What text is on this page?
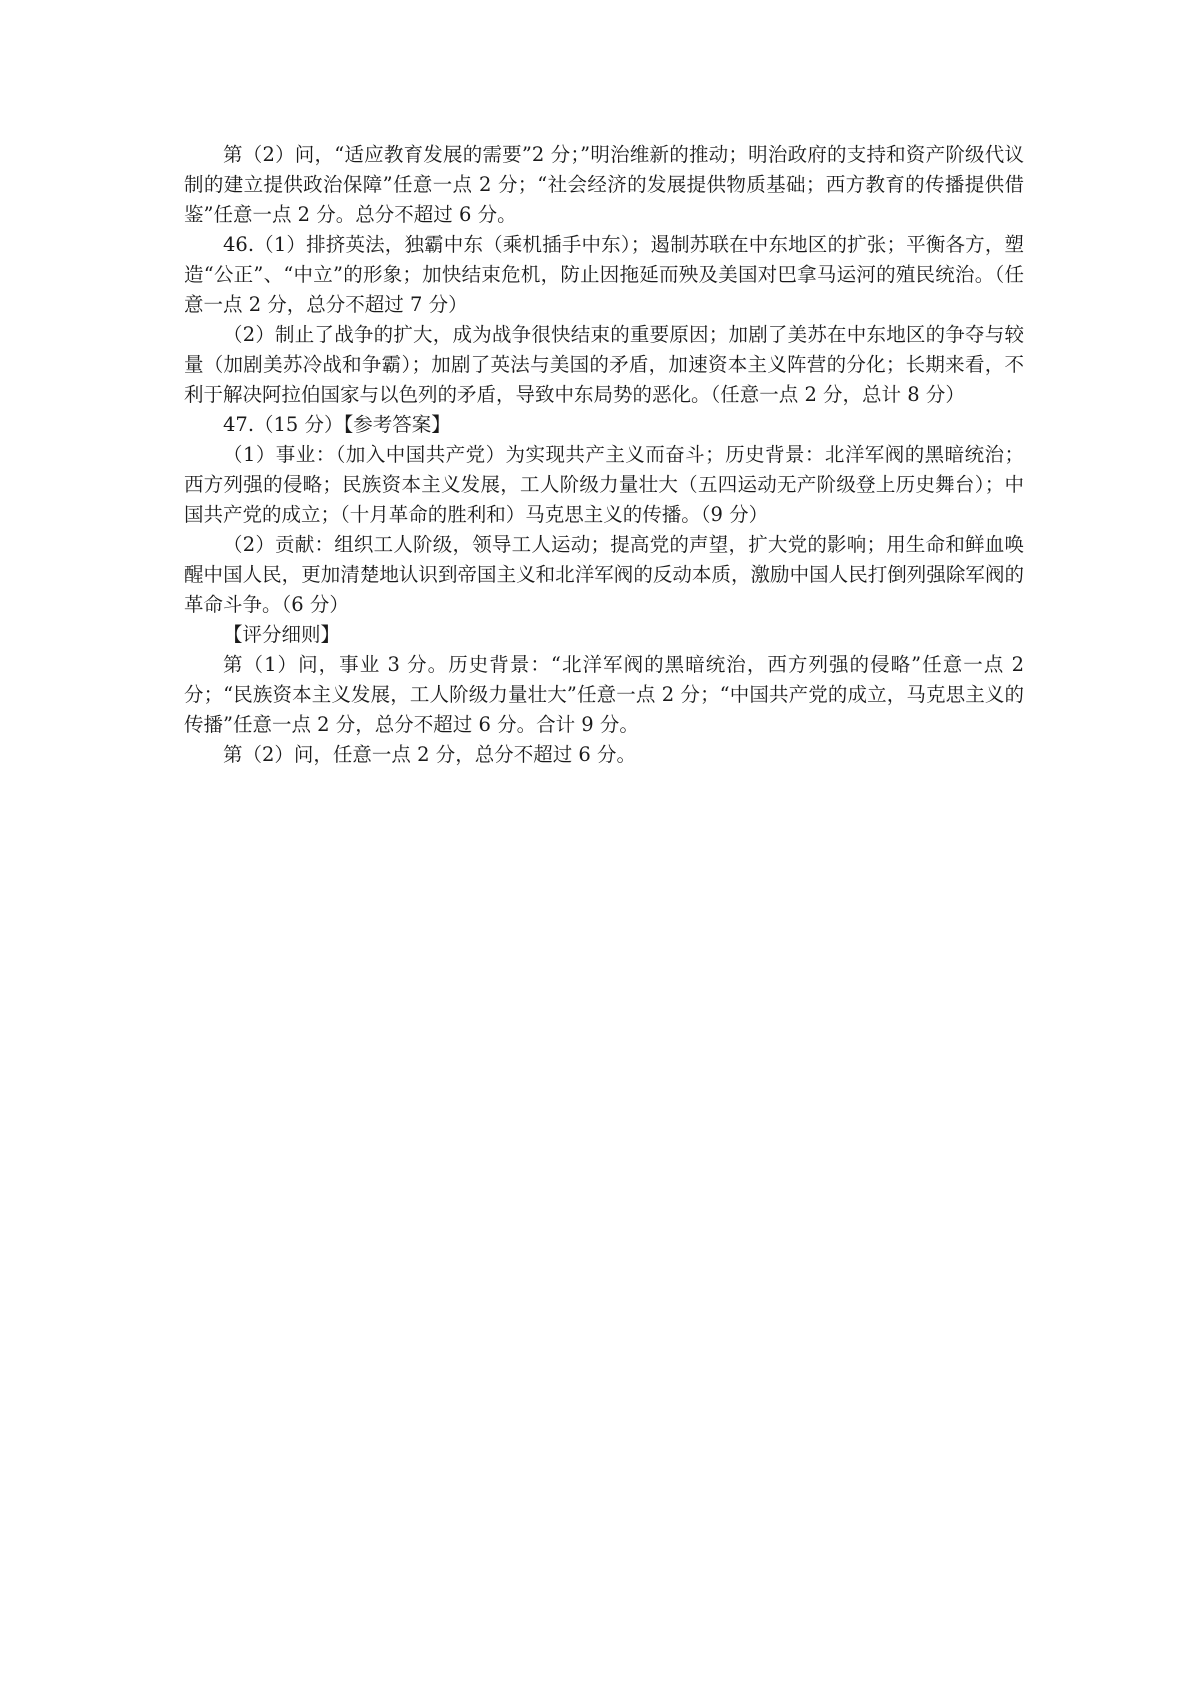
第（2）问，“适应教育发展的需要”2 分；”明治维新的推动；明治政府的支持和资产阶级代议制的建立提供政治保障”任意一点 2 分；“社会经济的发展提供物质基础；西方教育的传播提供借鉴”任意一点 2 分。总分不超过 6 分。

46.（1）排挤英法，独霸中东（乘机插手中东）；遏制苏联在中东地区的扩张；平衡各方，塑造“公正”、“中立”的形象；加快结束危机，防止因拖延而殃及美国对巴拿马运河的殖民统治。（任意一点 2 分，总分不超过 7 分）

（2）制止了战争的扩大，成为战争很快结束的重要原因；加剧了美苏在中东地区的争夺与较量（加剧美苏冷战和争霸）；加剧了英法与美国的矛盾，加速资本主义阵营的分化；长期来看，不利于解决阿拉伯国家与以色列的矛盾，导致中东局势的恶化。（任意一点 2 分，总计 8 分）

47.（15 分）【参考答案】

（1）事业：（加入中国共产党）为实现共产主义而奋斗；历史背景：北洋军阀的黑暗统治；西方列强的侵略；民族资本主义发展，工人阶级力量壮大（五四运动无产阶级登上历史舞台）；中国共产党的成立；（十月革命的胜利和）马克思主义的传播。（9 分）

（2）贡献：组织工人阶级，领导工人运动；提高党的声望，扩大党的影响；用生命和鲜血唤醒中国人民，更加清楚地认识到帝国主义和北洋军阀的反动本质，激励中国人民打倒列强除军阀的革命斗争。（6 分）

【评分细则】

第（1）问，事业 3 分。历史背景：“北洋军阀的黑暗统治，西方列强的侵略”任意一点 2 分；“民族资本主义发展，工人阶级力量壮大”任意一点 2 分；“中国共产党的成立，马克思主义的传播”任意一点 2 分，总分不超过 6 分。合计 9 分。

第（2）问，任意一点 2 分，总分不超过 6 分。
